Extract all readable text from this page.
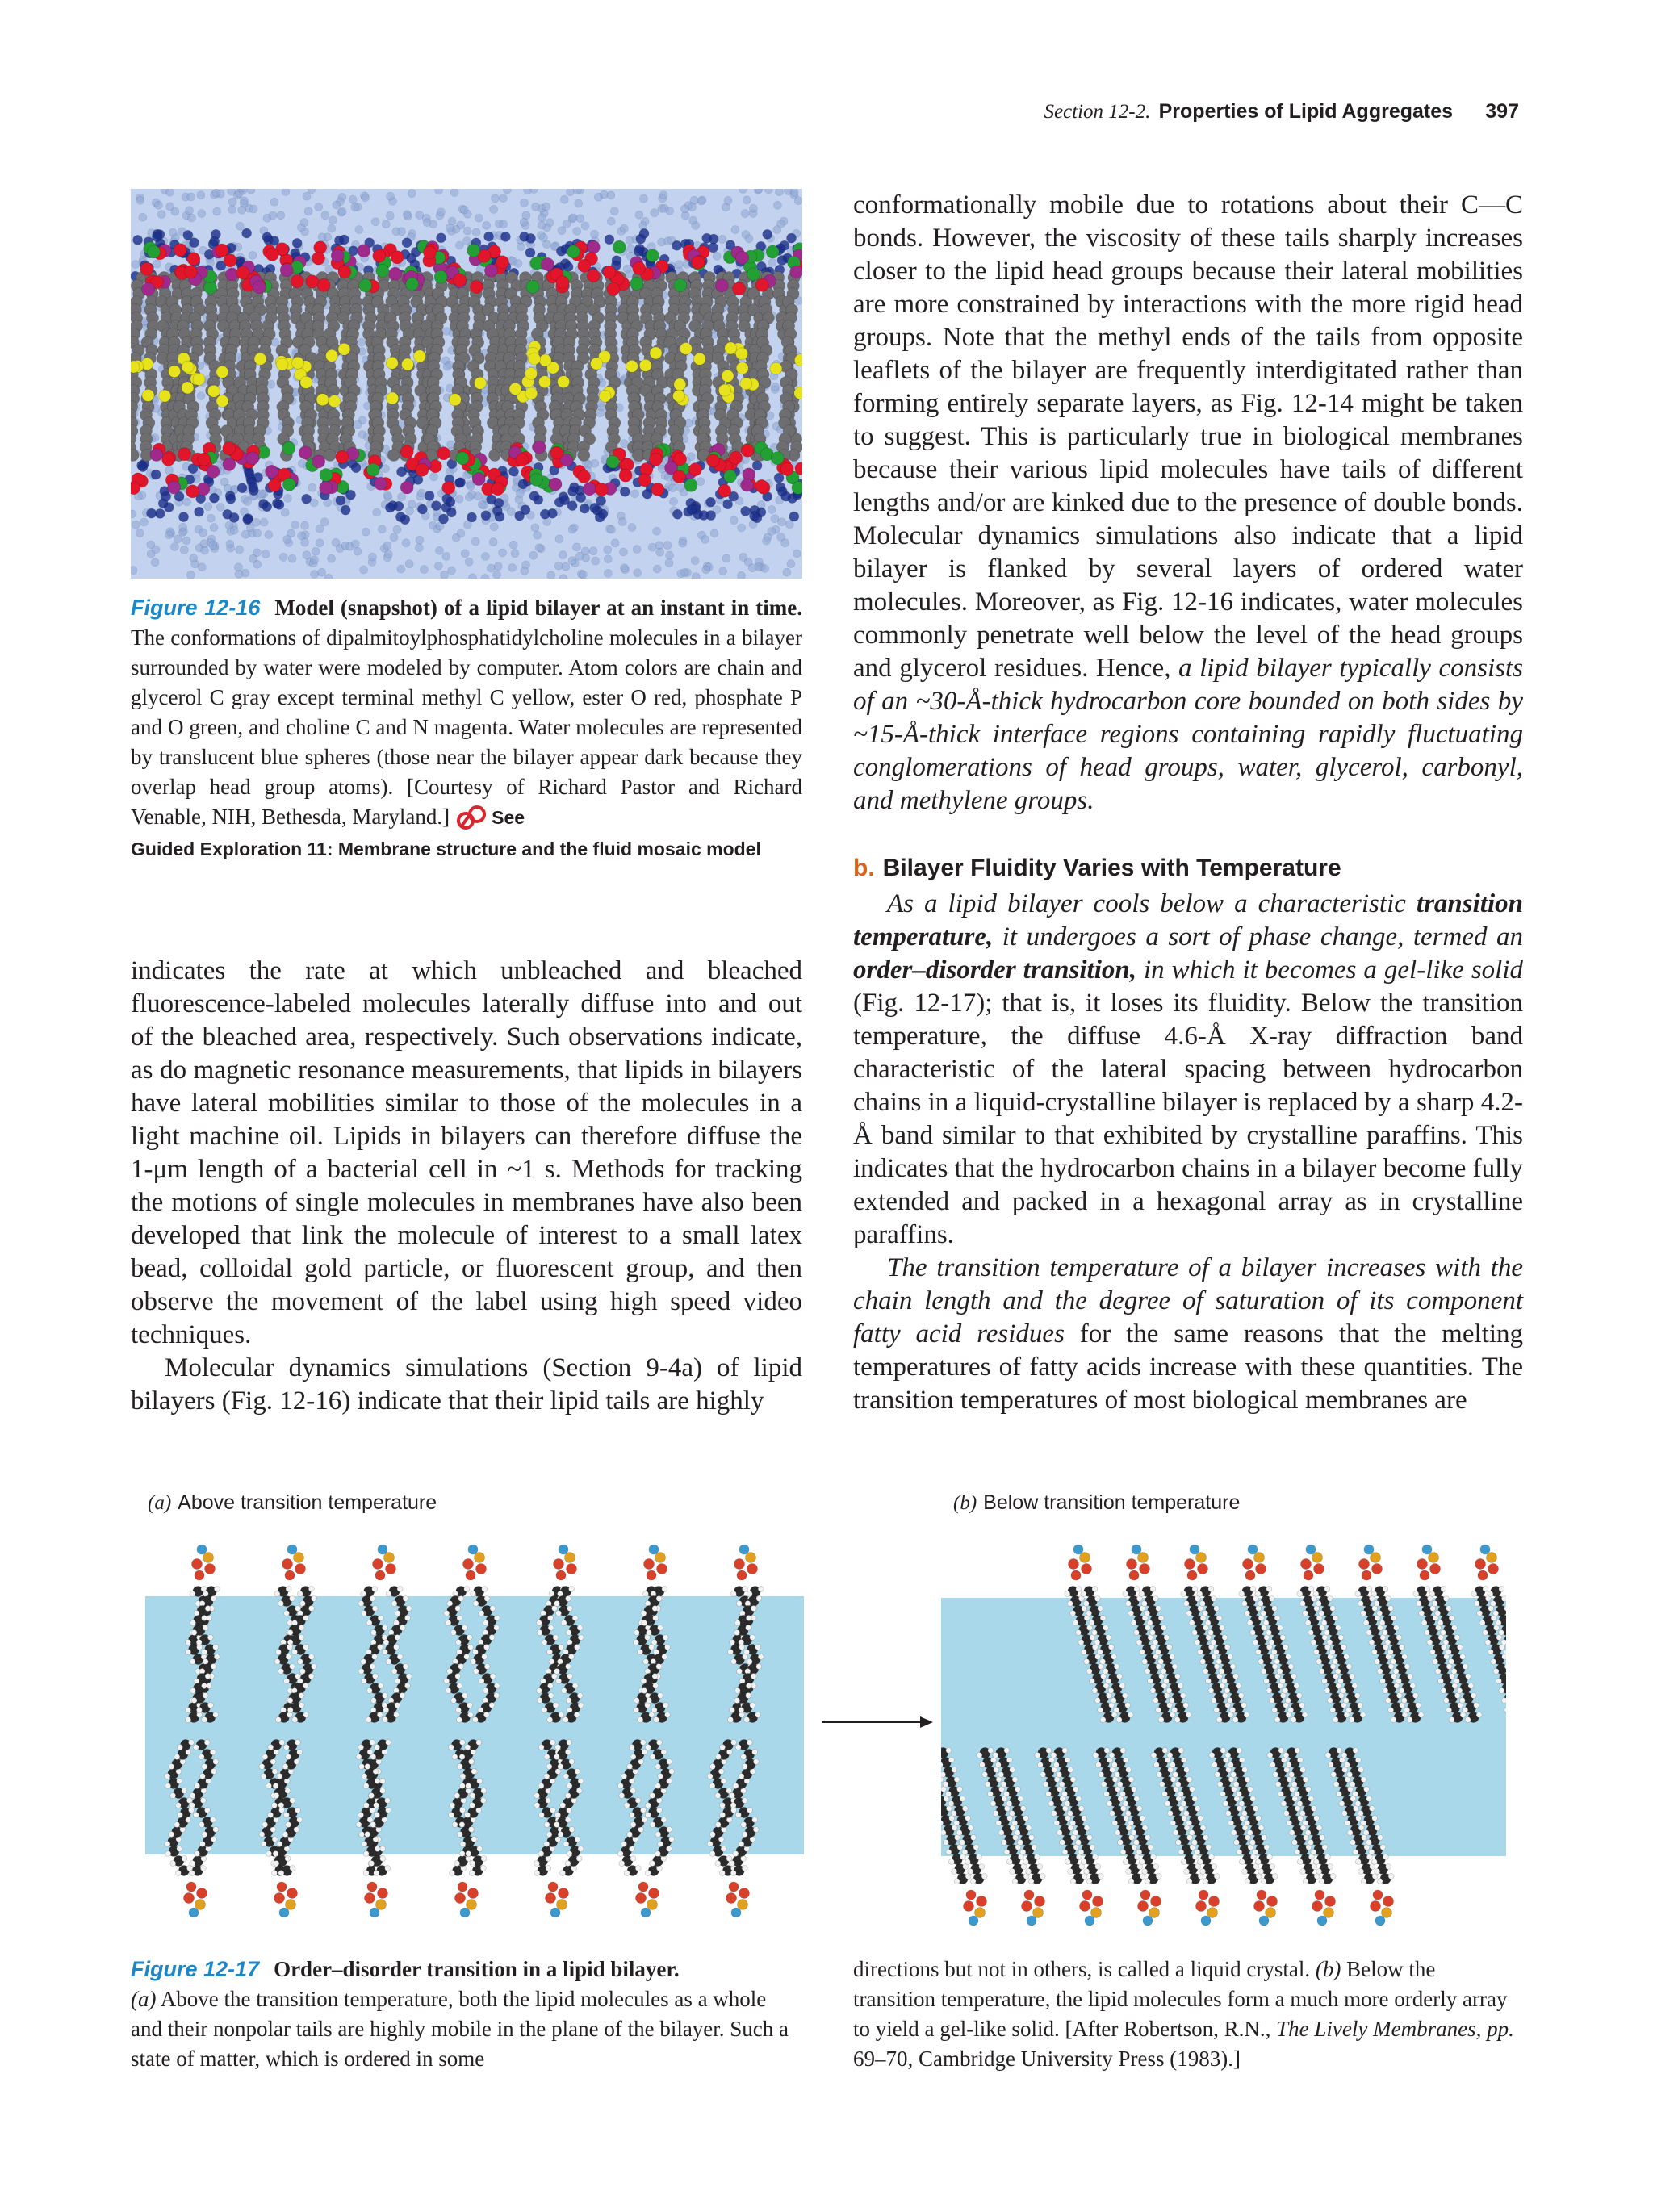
Section 12-2. Properties of Lipid Aggregates 397
Figure 12-16 Model (snapshot) of a lipid bilayer at an instant in time. The conformations of dipalmitoylphosphatidylcholine molecules in a bilayer surrounded by water were modeled by computer. Atom colors are chain and glycerol C gray except terminal methyl C yellow, ester O red, phosphate P and O green, and choline C and N magenta. Water molecules are represented by translucent blue spheres (those near the bilayer appear dark because they overlap head group atoms). [Courtesy of Richard Pastor and Richard Venable, NIH, Bethesda, Maryland.] See
Guided Exploration 11: Membrane structure and the fluid mosaic model

indicates the rate at which unbleached and bleached fluorescence-labeled molecules laterally diffuse into and out of the bleached area, respectively. Such observations indicate, as do magnetic resonance measurements, that lipids in bilayers have lateral mobilities similar to those of the molecules in a light machine oil. Lipids in bilayers can therefore diffuse the 1-μm length of a bacterial cell in ~1 s. Methods for tracking the motions of single molecules in membranes have also been developed that link the molecule of interest to a small latex bead, colloidal gold particle, or fluorescent group, and then observe the movement of the label using high speed video techniques.

Molecular dynamics simulations (Section 9-4a) of lipid bilayers (Fig. 12-16) indicate that their lipid tails are highly

conformationally mobile due to rotations about their C—C bonds. However, the viscosity of these tails sharply increases closer to the lipid head groups because their lateral mobilities are more constrained by interactions with the more rigid head groups. Note that the methyl ends of the tails from opposite leaflets of the bilayer are frequently interdigitated rather than forming entirely separate layers, as Fig. 12-14 might be taken to suggest. This is particularly true in biological membranes because their various lipid molecules have tails of different lengths and/or are kinked due to the presence of double bonds. Molecular dynamics simulations also indicate that a lipid bilayer is flanked by several layers of ordered water molecules. Moreover, as Fig. 12-16 indicates, water molecules commonly penetrate well below the level of the head groups and glycerol residues. Hence, a lipid bilayer typically consists of an ~30-Å-thick hydrocarbon core bounded on both sides by ~15-Å-thick interface regions containing rapidly fluctuating conglomerations of head groups, water, glycerol, carbonyl, and methylene groups.

b. Bilayer Fluidity Varies with Temperature

As a lipid bilayer cools below a characteristic transition temperature, it undergoes a sort of phase change, termed an order–disorder transition, in which it becomes a gel-like solid (Fig. 12-17); that is, it loses its fluidity. Below the transition temperature, the diffuse 4.6-Å X-ray diffraction band characteristic of the lateral spacing between hydrocarbon chains in a liquid-crystalline bilayer is replaced by a sharp 4.2-Å band similar to that exhibited by crystalline paraffins. This indicates that the hydrocarbon chains in a bilayer become fully extended and packed in a hexagonal array as in crystalline paraffins.

The transition temperature of a bilayer increases with the chain length and the degree of saturation of its component fatty acid residues for the same reasons that the melting temperatures of fatty acids increase with these quantities. The transition temperatures of most biological membranes are

(a) Above transition temperature	(b) Below transition temperature
Figure 12-17 Order–disorder transition in a lipid bilayer.
(a) Above the transition temperature, both the lipid molecules as a whole and their nonpolar tails are highly mobile in the plane of the bilayer. Such a state of matter, which is ordered in some
directions but not in others, is called a liquid crystal. (b) Below the transition temperature, the lipid molecules form a much more orderly array to yield a gel-like solid. [After Robertson, R.N., The Lively Membranes, pp. 69–70, Cambridge University Press (1983).]
